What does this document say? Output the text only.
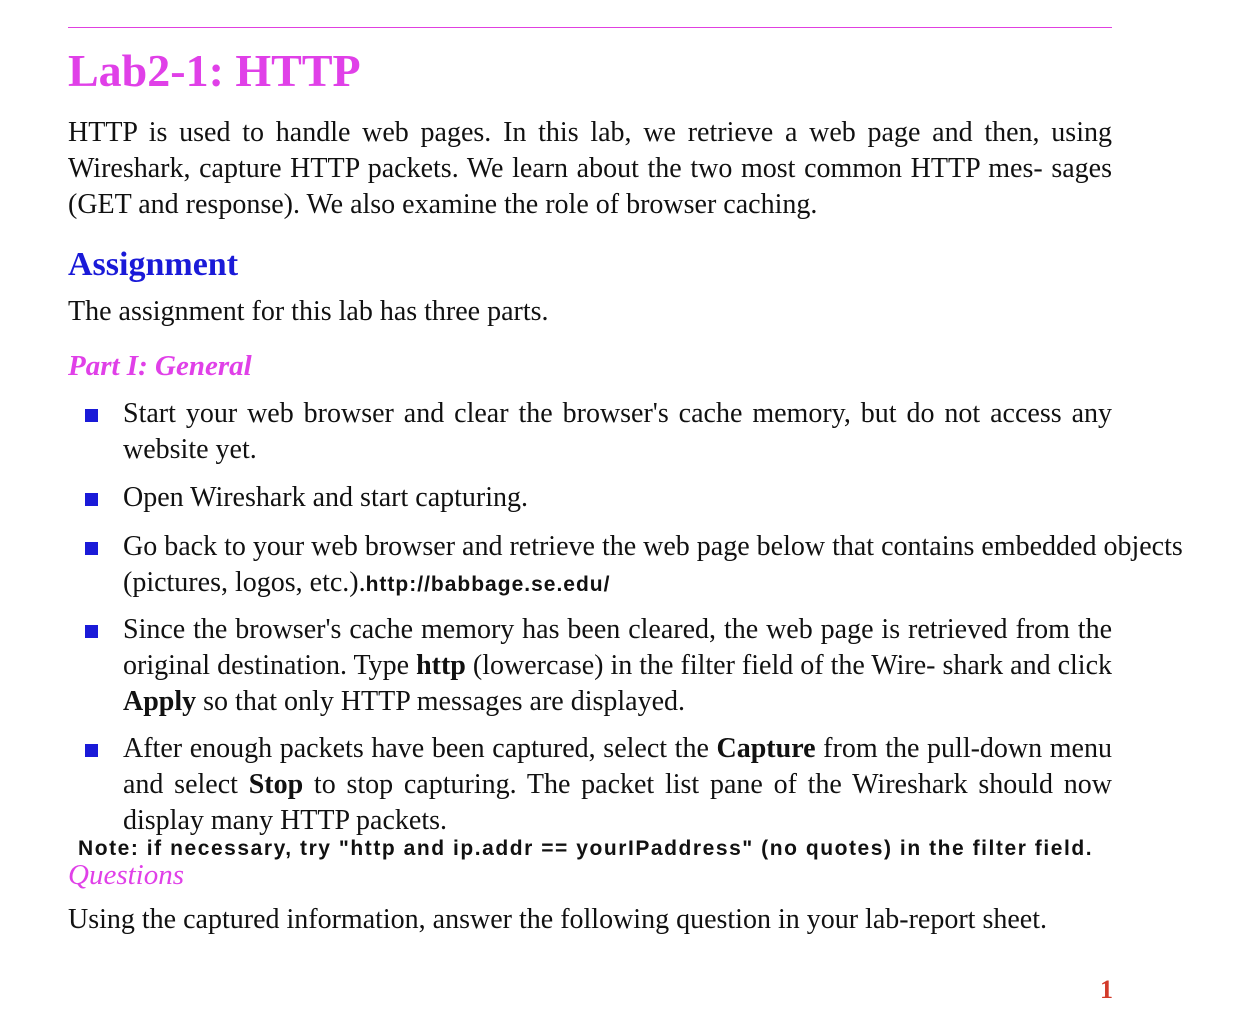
Lab2-1: HTTP

HTTP is used to handle web pages. In this lab, we retrieve a web page and then, using Wireshark, capture HTTP packets. We learn about the two most common HTTP mes- sages (GET and response). We also examine the role of browser caching.

Assignment

The assignment for this lab has three parts.

Part I: General
Start your web browser and clear the browser's cache memory, but do not access any website yet.
Open Wireshark and start capturing.
Go back to your web browser and retrieve the web page below that contains embedded objects (pictures, logos, etc.).http://babbage.se.edu/
Since the browser's cache memory has been cleared, the web page is retrieved from the original destination. Type http (lowercase) in the filter field of the Wire- shark and click Apply so that only HTTP messages are displayed.
After enough packets have been captured, select the Capture from the pull-down menu and select Stop to stop capturing. The packet list pane of the Wireshark should now display many HTTP packets.

Note: if necessary, try "http and ip.addr == yourIPaddress" (no quotes) in the filter field.

Questions

Using the captured information, answer the following question in your lab-report sheet.

1
